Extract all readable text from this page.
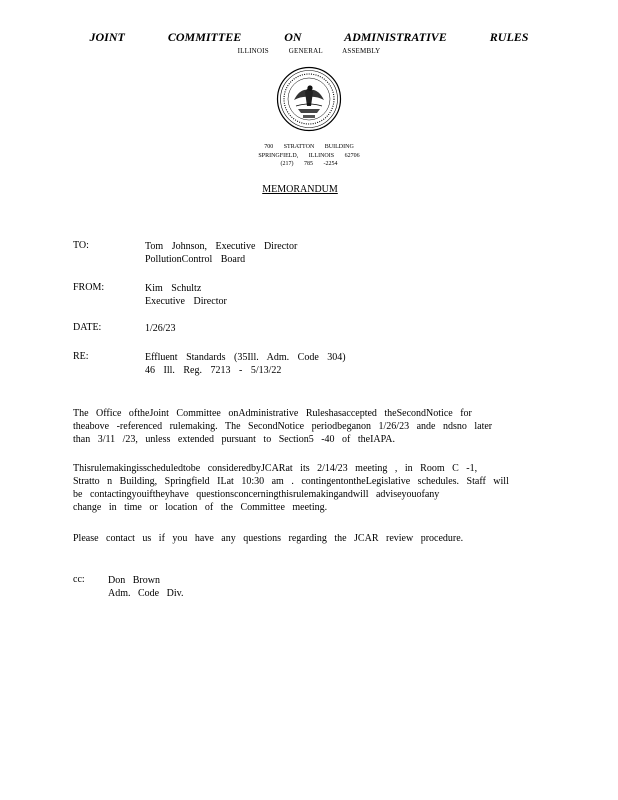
JOINT COMMITTEE ON ADMINISTRATIVE RULES
ILLINOIS GENERAL ASSEMBLY
700 STRATTON BUILDING
SPRINGFIELD, ILLINOIS 62706
(217) 785 -2254
MEMORANDUM
TO:	Tom Johnson, Executive Director
PollutionControl Board
FROM:	Kim Schultz
Executive Director
DATE:	1/26/23
RE:	Effluent Standards (35Ill. Adm. Code 304)
46 Ill. Reg. 7213 - 5/13/22
The Office oftheJoint Committee onAdministrative Ruleshasaccepted theSecondNotice for
theabove -referenced rulemaking. The SecondNotice periodbeganon 1/26/23 ande ndsno later
than 3/11 /23, unless extended pursuant to Section5 -40 of theIAPA.
Thisrulemakingisscheduledtobe consideredbyJCARat its 2/14/23 meeting , in Room C -1,
Stratto n Building, Springfield ILat 10:30 am . contingentontheLegislative schedules. Staff will
be contactingyouiftheyhave questionsconcerningthisrulemakingandwill adviseyouofany
change in time or location of the Committee meeting.
Please contact us if you have any questions regarding the JCAR review procedure.
cc: Don Brown
Adm. Code Div.
